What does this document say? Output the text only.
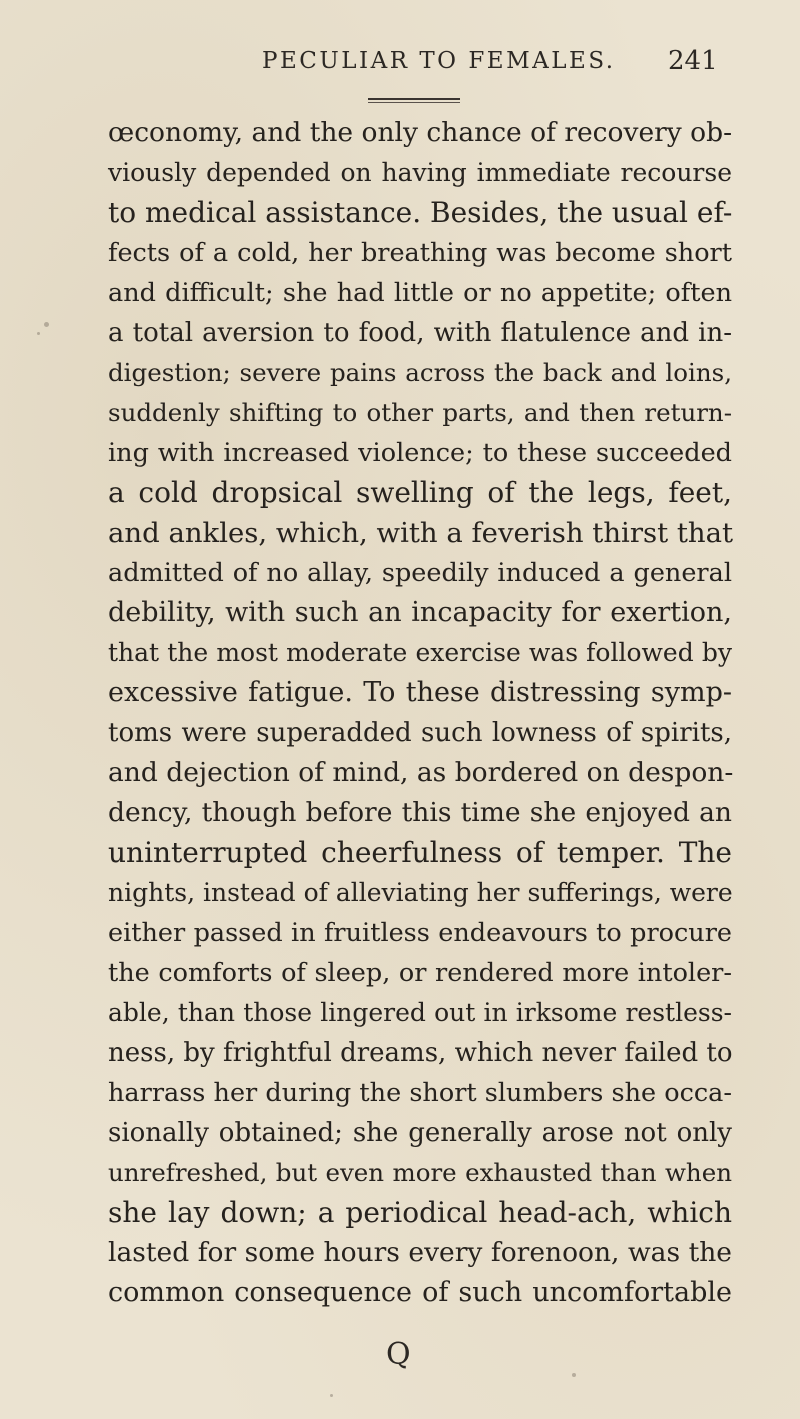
PECULIAR TO FEMALES. 241
œconomy, and the only chance of recovery ob-
viously depended on having immediate recourse
to medical assistance. Besides, the usual ef-
fects of a cold, her breathing was become short
and difficult; she had little or no appetite; often
a total aversion to food, with flatulence and in-
digestion; severe pains across the back and loins,
suddenly shifting to other parts, and then return-
ing with increased violence; to these succeeded
a cold dropsical swelling of the legs, feet,
and ankles, which, with a feverish thirst that
admitted of no allay, speedily induced a general
debility, with such an incapacity for exertion,
that the most moderate exercise was followed by
excessive fatigue. To these distressing symp-
toms were superadded such lowness of spirits,
and dejection of mind, as bordered on despon-
dency, though before this time she enjoyed an
uninterrupted cheerfulness of temper. The
nights, instead of alleviating her sufferings, were
either passed in fruitless endeavours to procure
the comforts of sleep, or rendered more intoler-
able, than those lingered out in irksome restless-
ness, by frightful dreams, which never failed to
harrass her during the short slumbers she occa-
sionally obtained; she generally arose not only
unrefreshed, but even more exhausted than when
she lay down; a periodical head-ach, which
lasted for some hours every forenoon, was the
common consequence of such uncomfortable
Q
